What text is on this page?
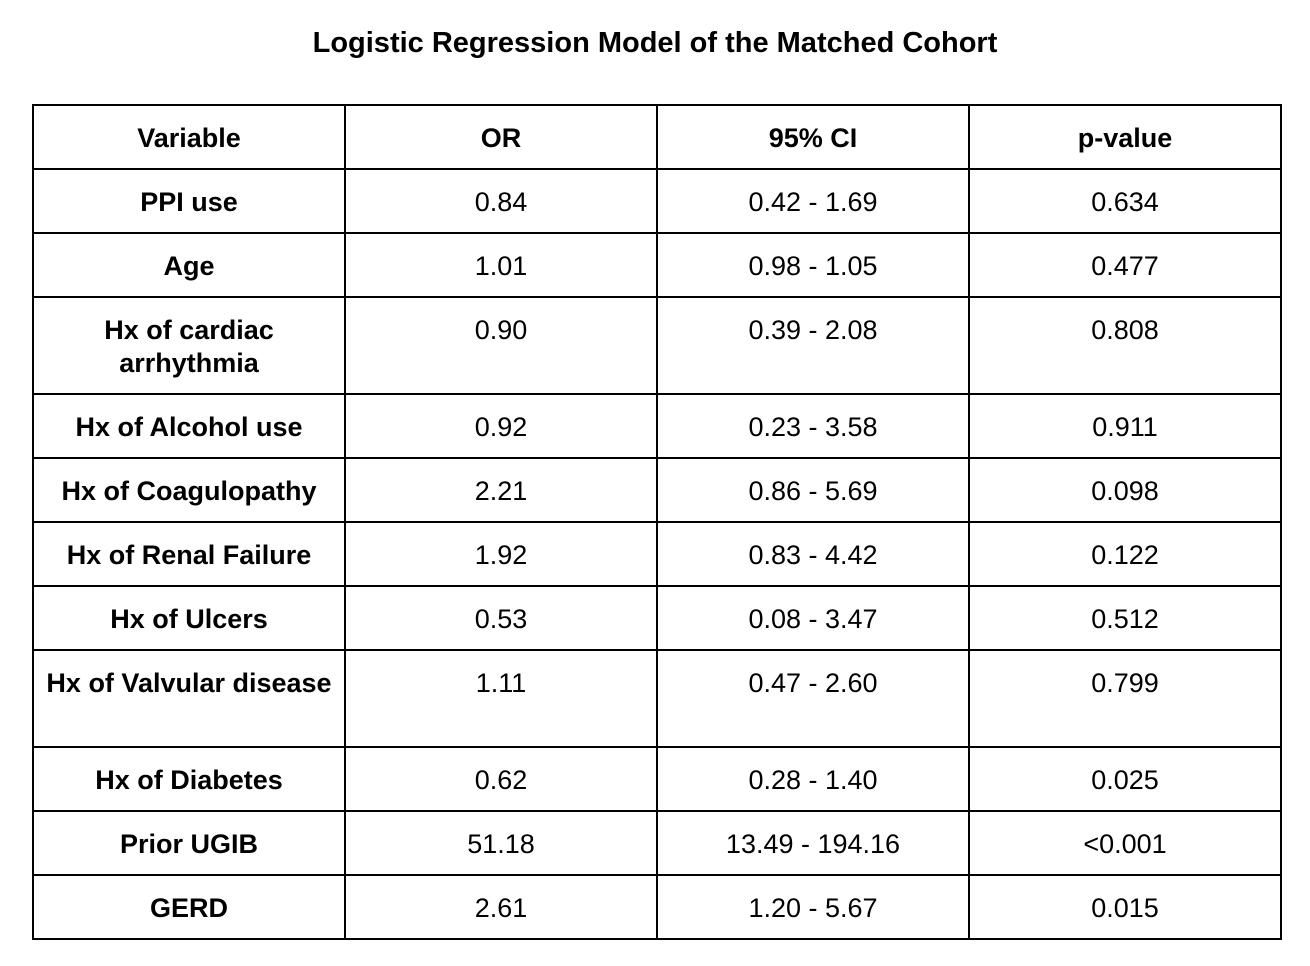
Logistic Regression Model of the Matched Cohort
Variable	OR	95% CI	p-value
PPI use	0.84	0.42 - 1.69	0.634
Age	1.01	0.98 - 1.05	0.477
Hx of cardiac arrhythmia	0.90	0.39 - 2.08	0.808
Hx of Alcohol use	0.92	0.23 - 3.58	0.911
Hx of Coagulopathy	2.21	0.86 - 5.69	0.098
Hx of Renal Failure	1.92	0.83 - 4.42	0.122
Hx of Ulcers	0.53	0.08 - 3.47	0.512
Hx of Valvular disease	1.11	0.47 - 2.60	0.799
Hx of Diabetes	0.62	0.28 - 1.40	0.025
Prior UGIB	51.18	13.49 - 194.16	<0.001
GERD	2.61	1.20 - 5.67	0.015
